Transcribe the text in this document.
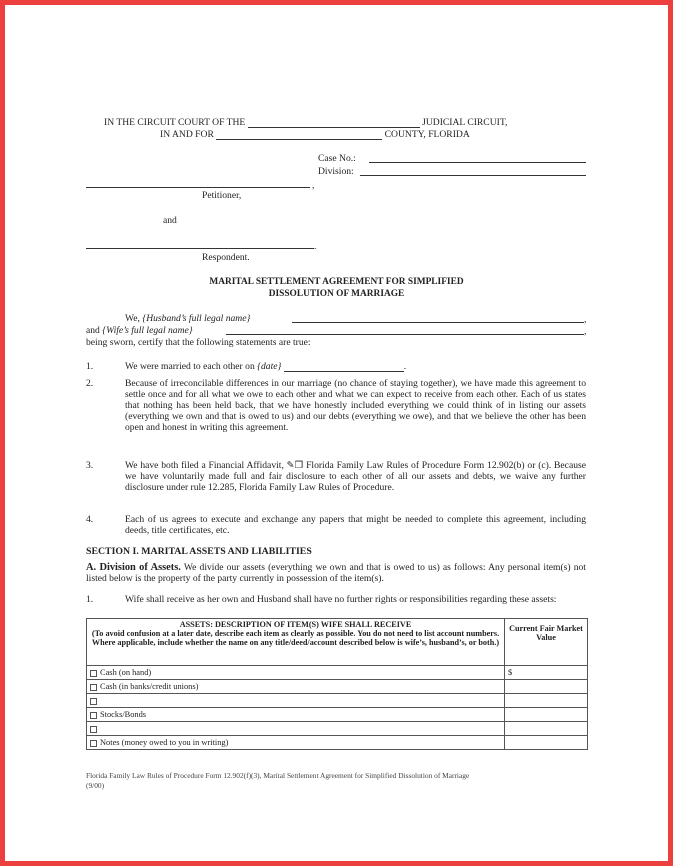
IN THE CIRCUIT COURT OF THE	JUDICIAL CIRCUIT,
IN AND FOR	COUNTY, FLORIDA
Case No.:
Division:
,
Petitioner,
and
.
Respondent.
MARITAL SETTLEMENT AGREEMENT FOR SIMPLIFIED
DISSOLUTION OF MARRIAGE
We, {Husband’s full legal name}	,
and {Wife’s full legal name}	,
being sworn, certify that the following statements are true:
1.	We were married to each other on {date}	.
2.	Because of irreconcilable differences in our marriage (no chance of staying together), we have made this agreement to settle once and for all what we owe to each other and what we can expect to receive from each other. Each of us states that nothing has been held back, that we have honestly included everything we could think of in listing our assets (everything we own and that is owed to us) and our debts (everything we owe), and that we believe the other has been open and honest in writing this agreement.
3.	We have both filed a Financial Affidavit, ✎❒ Florida Family Law Rules of Procedure Form 12.902(b) or (c). Because we have voluntarily made full and fair disclosure to each other of all our assets and debts, we waive any further disclosure under rule 12.285, Florida Family Law Rules of Procedure.
4.	Each of us agrees to execute and exchange any papers that might be needed to complete this agreement, including deeds, title certificates, etc.
SECTION I. MARITAL ASSETS AND LIABILITIES
A. Division of Assets. We divide our assets (everything we own and that is owed to us) as follows: Any personal item(s) not listed below is the property of the party currently in possession of the item(s).
1.	Wife shall receive as her own and Husband shall have no further rights or responsibilities regarding these assets:
ASSETS: DESCRIPTION OF ITEM(S) WIFE SHALL RECEIVE
(To avoid confusion at a later date, describe each item as clearly as possible. You do not need to list account numbers. Where applicable, include whether the name on any title/deed/account described below is wife’s, husband’s, or both.)	Current Fair Market Value

Cash (on hand)	$
Cash (in banks/credit unions)	

Stocks/Bonds	

Notes (money owed to you in writing)	
Florida Family Law Rules of Procedure Form 12.902(f)(3), Marital Settlement Agreement for Simplified Dissolution of Marriage
(9/00)
